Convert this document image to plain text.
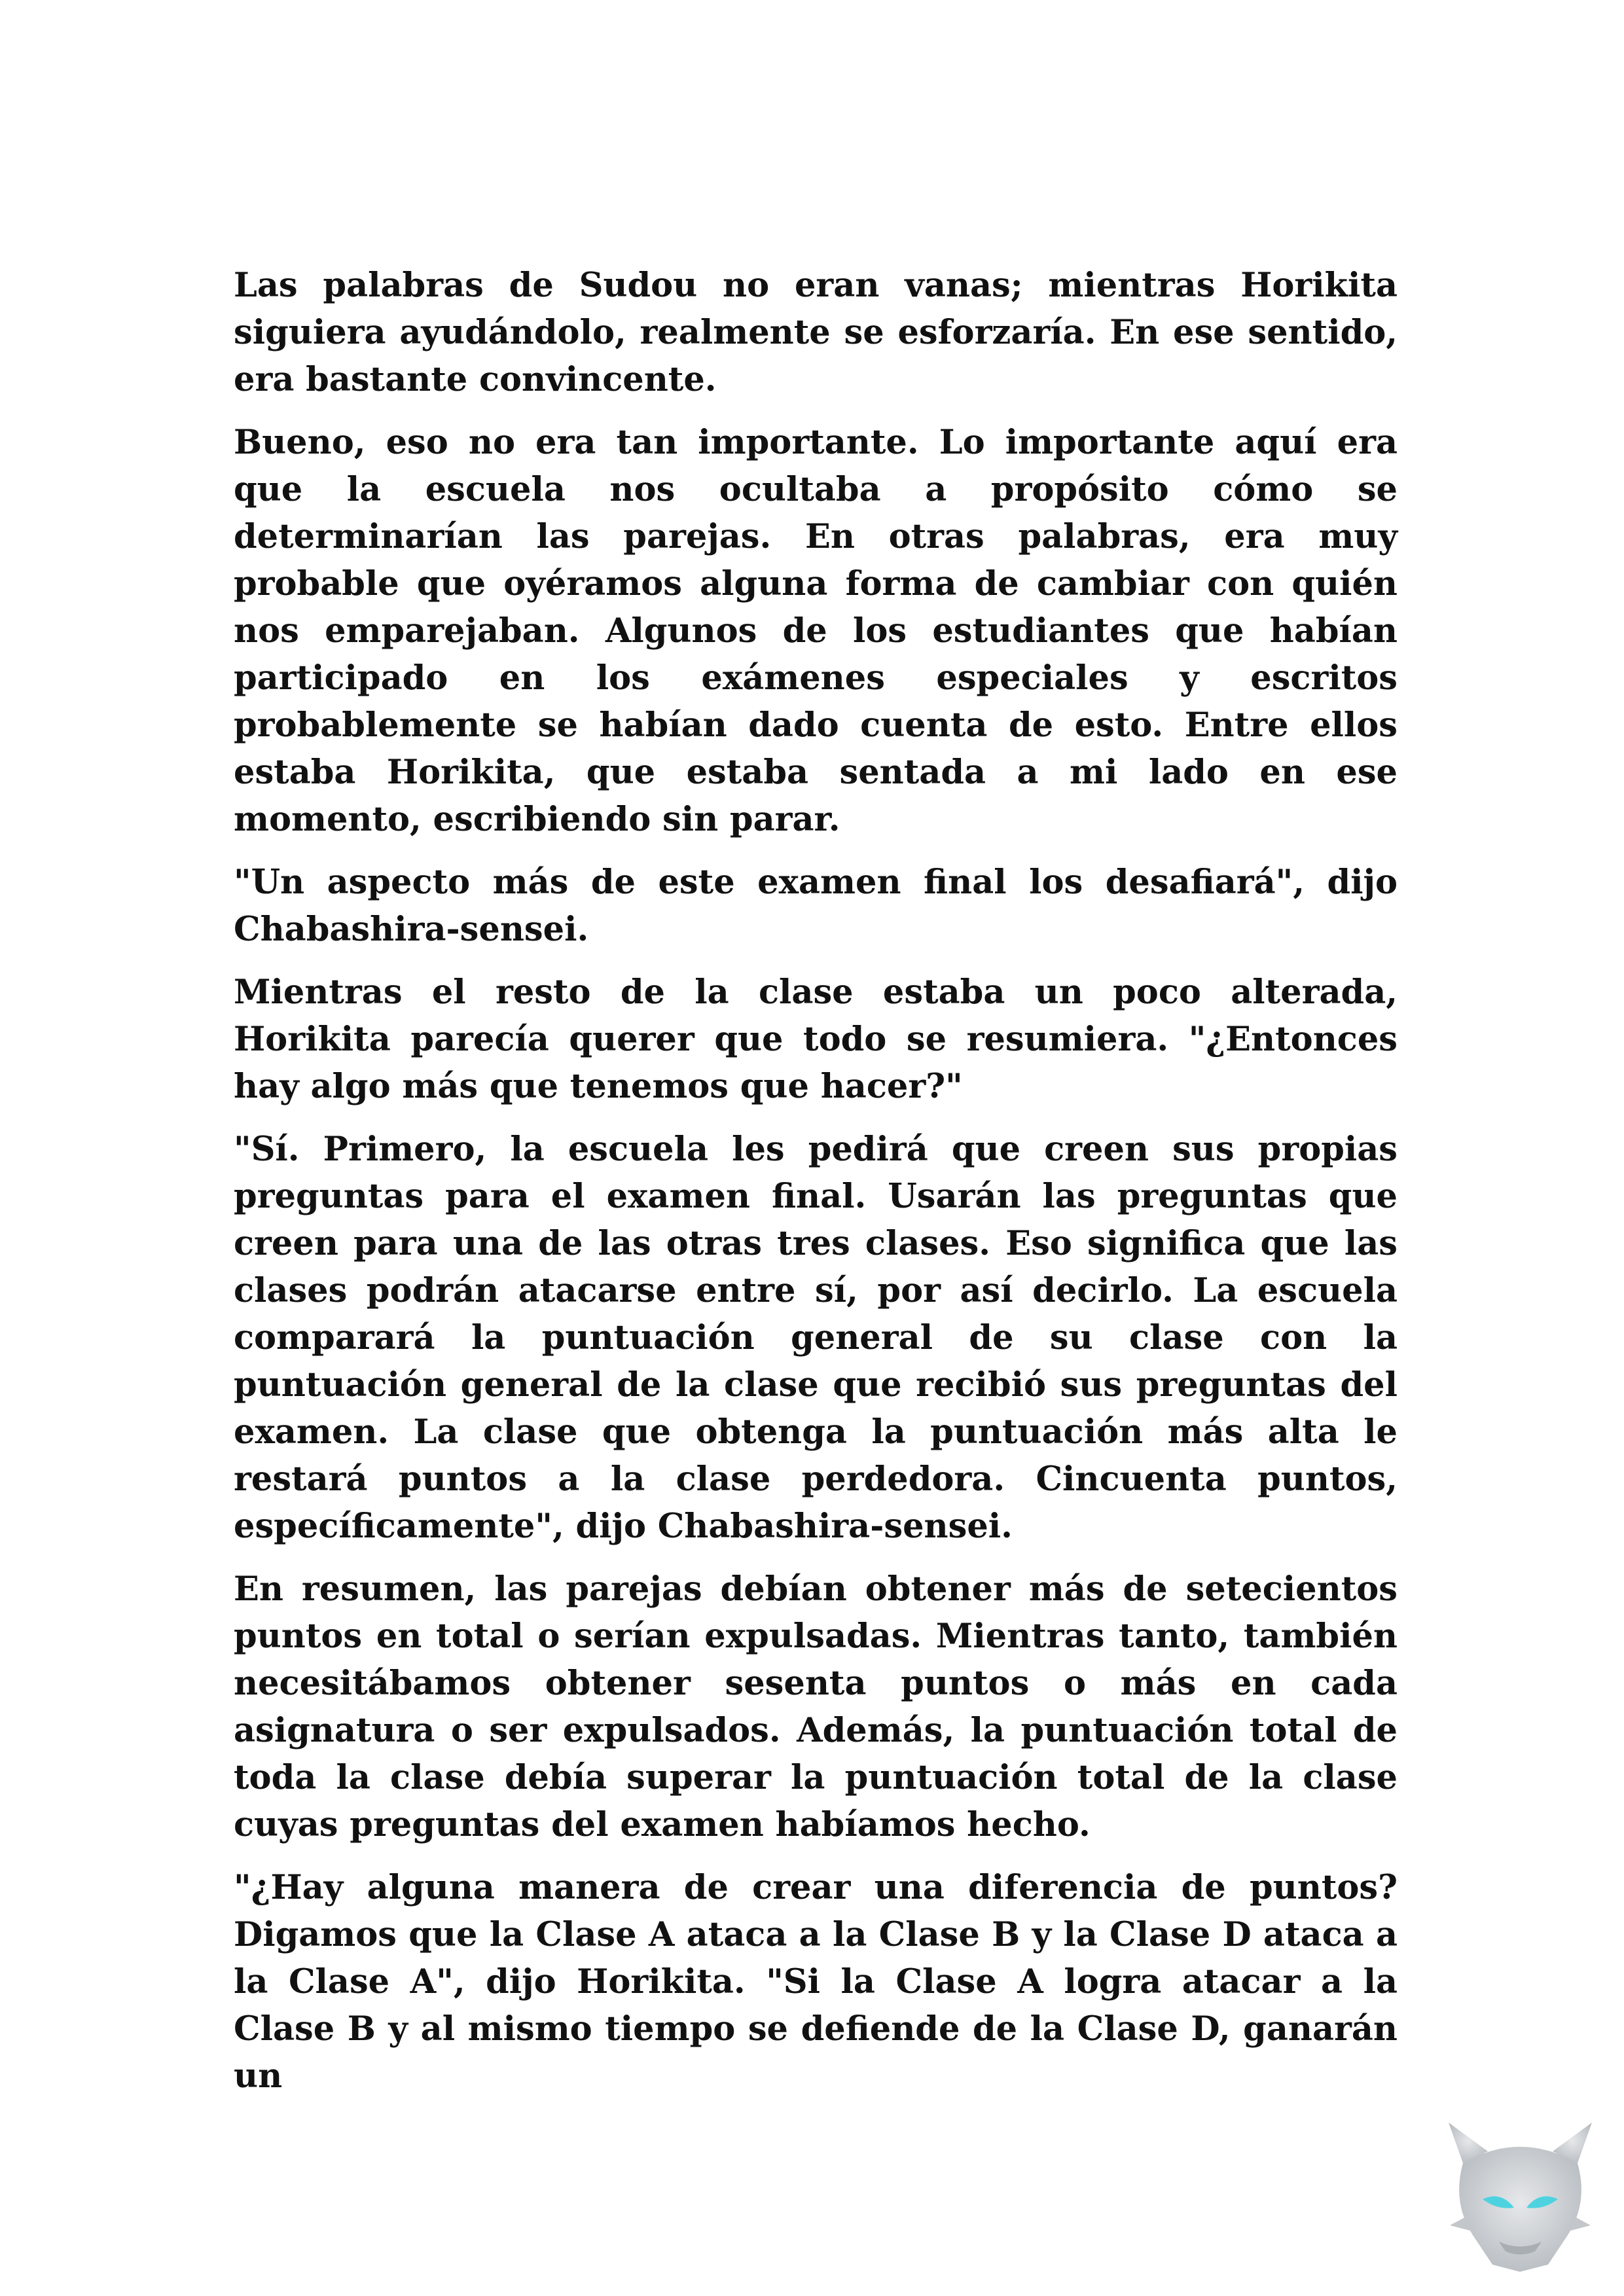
Las palabras de Sudou no eran vanas; mientras Horikita siguiera ayudándolo, realmente se esforzaría. En ese sentido, era bastante convincente.

Bueno, eso no era tan importante. Lo importante aquí era que la escuela nos ocultaba a propósito cómo se determinarían las parejas. En otras palabras, era muy probable que oyéramos alguna forma de cambiar con quién nos emparejaban. Algunos de los estudiantes que habían participado en los exámenes especiales y escritos probablemente se habían dado cuenta de esto. Entre ellos estaba Horikita, que estaba sentada a mi lado en ese momento, escribiendo sin parar.

"Un aspecto más de este examen final los desafiará", dijo Chabashira-sensei.

Mientras el resto de la clase estaba un poco alterada, Horikita parecía querer que todo se resumiera. "¿Entonces hay algo más que tenemos que hacer?"

"Sí. Primero, la escuela les pedirá que creen sus propias preguntas para el examen final. Usarán las preguntas que creen para una de las otras tres clases. Eso significa que las clases podrán atacarse entre sí, por así decirlo. La escuela comparará la puntuación general de su clase con la puntuación general de la clase que recibió sus preguntas del examen. La clase que obtenga la puntuación más alta le restará puntos a la clase perdedora. Cincuenta puntos, específicamente", dijo Chabashira-sensei.

En resumen, las parejas debían obtener más de setecientos puntos en total o serían expulsadas. Mientras tanto, también necesitábamos obtener sesenta puntos o más en cada asignatura o ser expulsados. Además, la puntuación total de toda la clase debía superar la puntuación total de la clase cuyas preguntas del examen habíamos hecho.

"¿Hay alguna manera de crear una diferencia de puntos? Digamos que la Clase A ataca a la Clase B y la Clase D ataca a la Clase A", dijo Horikita. "Si la Clase A logra atacar a la Clase B y al mismo tiempo se defiende de la Clase D, ganarán un
